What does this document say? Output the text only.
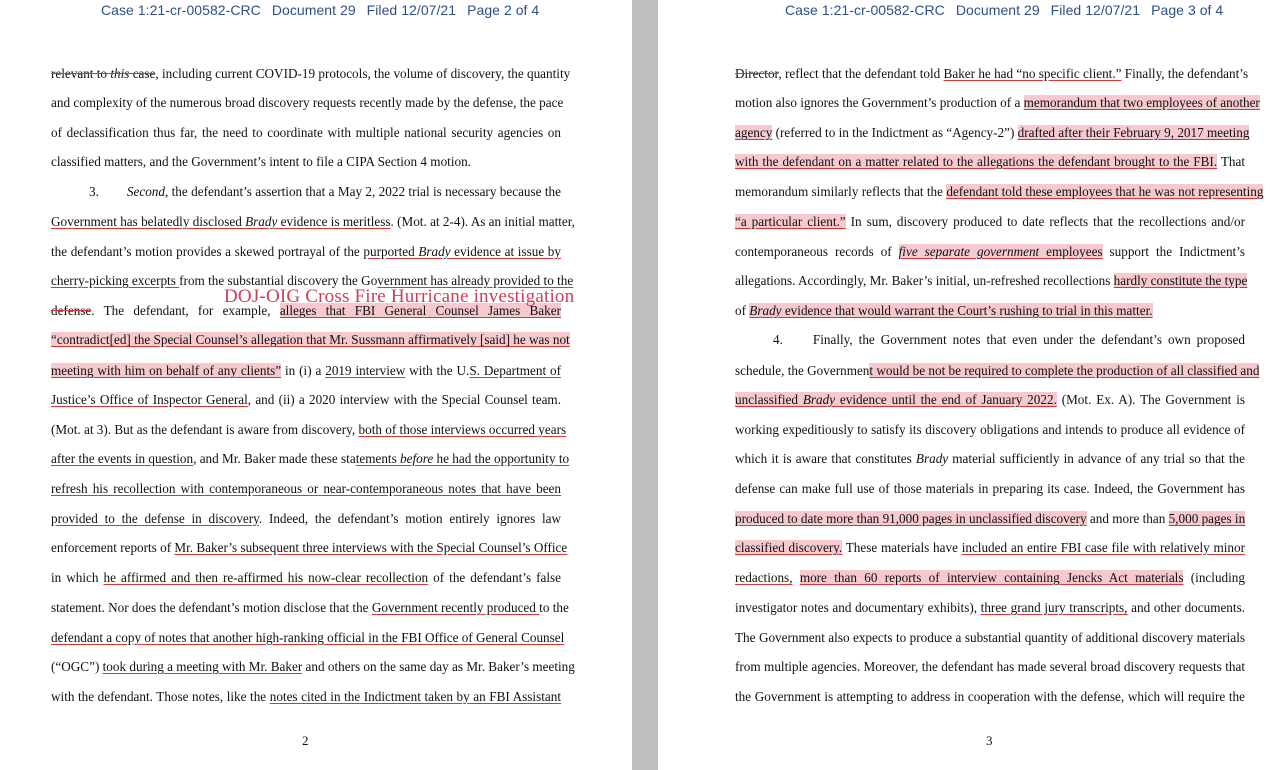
Case 1:21-cr-00582-CRC Document 29 Filed 12/07/21 Page 2 of 4
relevant to this case, including current COVID-19 protocols, the volume of discovery, the quantity
and complexity of the numerous broad discovery requests recently made by the defense, the pace
of declassification thus far, the need to coordinate with multiple national security agencies on
classified matters, and the Government’s intent to file a CIPA Section 4 motion.
3. Second, the defendant’s assertion that a May 2, 2022 trial is necessary because the
Government has belatedly disclosed Brady evidence is meritless. (Mot. at 2-4). As an initial matter,
the defendant’s motion provides a skewed portrayal of the purported Brady evidence at issue by
cherry-picking excerpts from the substantial discovery the Government has already provided to the
defense. The defendant, for example, alleges that FBI General Counsel James Baker
“contradict[ed] the Special Counsel’s allegation that Mr. Sussmann affirmatively [said] he was not
meeting with him on behalf of any clients” in (i) a 2019 interview with the U.S. Department of
Justice’s Office of Inspector General, and (ii) a 2020 interview with the Special Counsel team.
(Mot. at 3). But as the defendant is aware from discovery, both of those interviews occurred years
after the events in question, and Mr. Baker made these statements before he had the opportunity to
refresh his recollection with contemporaneous or near-contemporaneous notes that have been
provided to the defense in discovery. Indeed, the defendant’s motion entirely ignores law
enforcement reports of Mr. Baker’s subsequent three interviews with the Special Counsel’s Office
in which he affirmed and then re-affirmed his now-clear recollection of the defendant’s false
statement. Nor does the defendant’s motion disclose that the Government recently produced to the
defendant a copy of notes that another high-ranking official in the FBI Office of General Counsel
(“OGC”) took during a meeting with Mr. Baker and others on the same day as Mr. Baker’s meeting
with the defendant. Those notes, like the notes cited in the Indictment taken by an FBI Assistant
2
Case 1:21-cr-00582-CRC Document 29 Filed 12/07/21 Page 3 of 4
Director, reflect that the defendant told Baker he had “no specific client.” Finally, the defendant’s
motion also ignores the Government’s production of a memorandum that two employees of another
agency (referred to in the Indictment as “Agency-2”) drafted after their February 9, 2017 meeting
with the defendant on a matter related to the allegations the defendant brought to the FBI. That
memorandum similarly reflects that the defendant told these employees that he was not representing
“a particular client.” In sum, discovery produced to date reflects that the recollections and/or
contemporaneous records of five separate government employees support the Indictment’s
allegations. Accordingly, Mr. Baker’s initial, un-refreshed recollections hardly constitute the type
of Brady evidence that would warrant the Court’s rushing to trial in this matter.
4. Finally, the Government notes that even under the defendant’s own proposed
schedule, the Government would be not be required to complete the production of all classified and
unclassified Brady evidence until the end of January 2022. (Mot. Ex. A). The Government is
working expeditiously to satisfy its discovery obligations and intends to produce all evidence of
which it is aware that constitutes Brady material sufficiently in advance of any trial so that the
defense can make full use of those materials in preparing its case. Indeed, the Government has
produced to date more than 91,000 pages in unclassified discovery and more than 5,000 pages in
classified discovery. These materials have included an entire FBI case file with relatively minor
redactions, more than 60 reports of interview containing Jencks Act materials (including
investigator notes and documentary exhibits), three grand jury transcripts, and other documents.
The Government also expects to produce a substantial quantity of additional discovery materials
from multiple agencies. Moreover, the defendant has made several broad discovery requests that
the Government is attempting to address in cooperation with the defense, which will require the
3
DOJ-OIG Cross Fire Hurricane investigation
